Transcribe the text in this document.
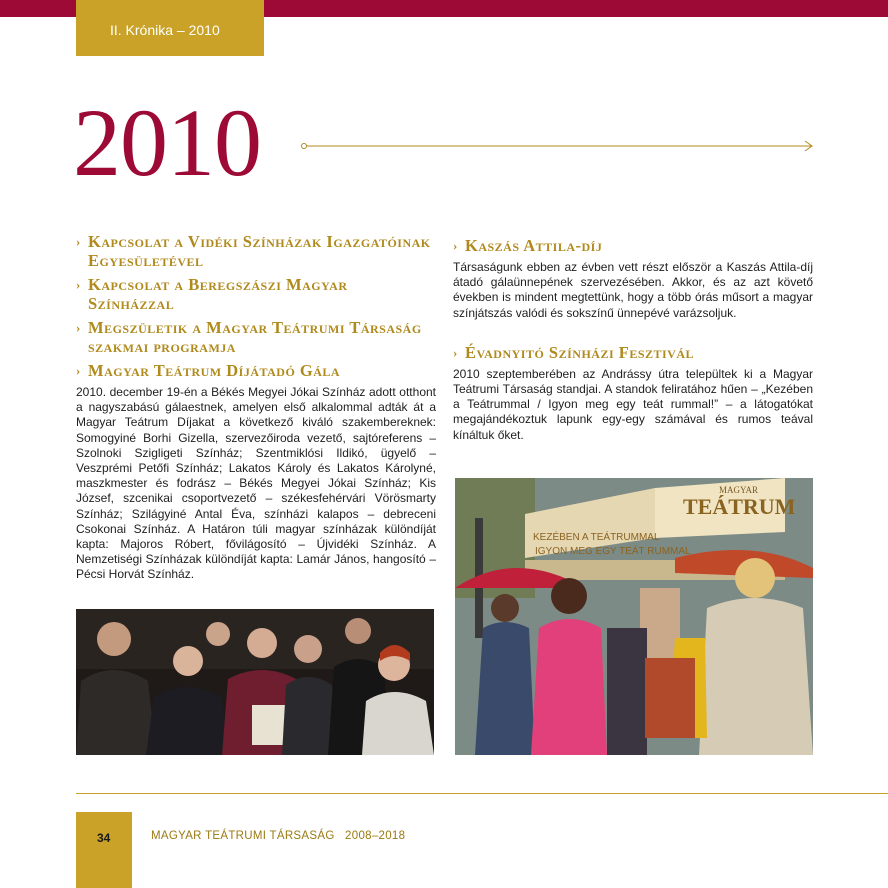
II. Krónika – 2010
2010
› Kapcsolat a Vidéki Színházak Igazgatóinak Egyesületével
› Kapcsolat a Beregszászi Magyar Színházzal
› Megszületik a Magyar Teátrumi Társaság szakmai programja
› Magyar Teátrum Díjátadó Gála

2010. december 19-én a Békés Megyei Jókai Színház adott otthont a nagyszabású gálaestnek, amelyen első alkalommal adták át a Magyar Teátrum Díjakat a következő kiváló szakembereknek: Somogyiné Borhi Gizella, szervezőiroda vezető, sajtóreferens – Szolnoki Szigligeti Színház; Szentmiklósi Ildikó, ügyelő – Veszprémi Petőfi Színház; Lakatos Károly és Lakatos Károlyné, maszkmester és fodrász – Békés Megyei Jókai Színház; Kis József, szcenikai csoportvezető – székesfehérvári Vörösmarty Színház; Szilágyiné Antal Éva, színházi kalapos – debreceni Csokonai Színház. A Határon túli magyar színházak különdíját kapta: Majoros Róbert, fővilágosító – Újvidéki Színház. A Nemzetiségi Színházak különdíját kapta: Lamár János, hangosító – Pécsi Horvát Színház.

› Kaszás Attila-díj

Társaságunk ebben az évben vett részt először a Kaszás Attila-díj átadó gálaünnepének szervezésében. Akkor, és az azt követő években is mindent megtettünk, hogy a több órás műsort a magyar színjátszás valódi és sokszínű ünnepévé varázsoljuk.

› Évadnyitó Színházi Fesztivál

2010 szeptemberében az Andrássy útra települtek ki a Magyar Teátrumi Társaság standjai. A standok feliratához hűen – „Kezében a Teátrummal / Igyon meg egy teát rummal!” – a látogatókat megajándékoztuk lapunk egy-egy számával és rumos teával kínáltuk őket.

MAGYAR
TEÁTRUM
KEZÉBEN A TEÁTRUMMAL
IGYON MEG EGY TEÁT RUMMAL
34	MAGYAR TEÁTRUMI TÁRSASÁG   2008–2018
